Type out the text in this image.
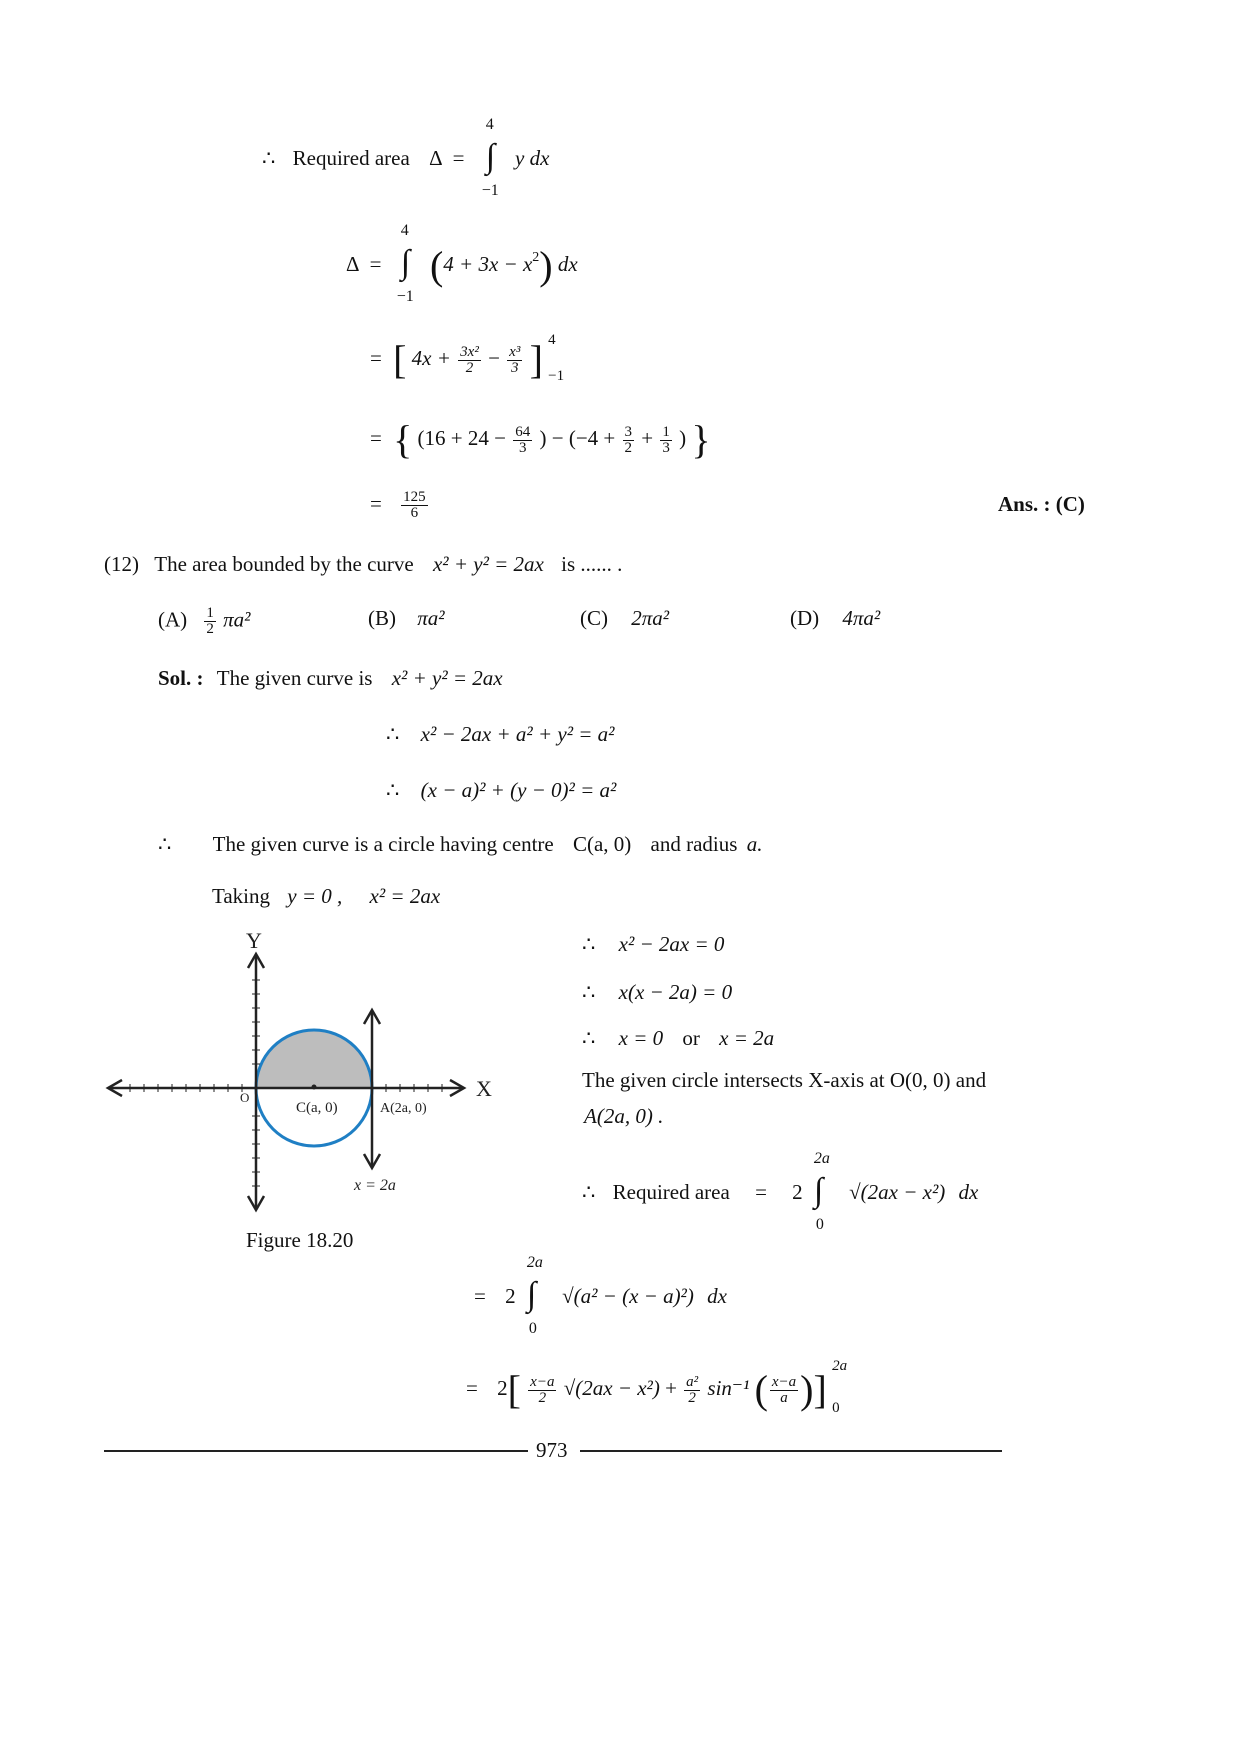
∴ Required area Δ = ∫
4
−1
y dx
Δ = ∫
4
−1
$(4 + 3x - x^2)$ dx
= [ $4x + \frac{\text{3x²}}{2} - \frac{\text{x³}}{3}$ ] 4
−1
= { ($16 + 24 - \frac{64}{3}$ ) − ($-4 + \frac{3}{2} + \frac{1}{3}$ ) }
= $\frac{125}{6}$	Ans. : (C)
(12) The area bounded by the curve x² + y² = 2ax is ...... .
$(A) \frac{1}{2} \pi a^2$	(B) πa²	(C) 2πa²	(D) 4πa²
Sol. : The given curve is x² + y² = 2ax
∴ x² − 2ax + a² + y² = a²
∴ (x − a)² + (y − 0)² = a²
∴ The given curve is a circle having centre C(a, 0) and radius a.
Taking y = 0 , x² = 2ax
Y
X
O
C(a, 0)	A(2a, 0)
x = 2a
Figure 18.20
∴ x² − 2ax = 0
∴ x(x − 2a) = 0
∴ x = 0 or x = 2a
The given circle intersects X-axis at O(0, 0) and
A(2a, 0) .
∴ Required area = 2 ∫
2a
0
√(2ax − x²) dx
= 2 ∫
2a
0
√(a² − (x − a)²) dx
= $2[ \frac{x-a}{2} √(2ax - x^2) + \frac{\text{a²}}{2} \sin^{-1}$ ( $\frac{x-a}{a}$ )]
2a
0
973
